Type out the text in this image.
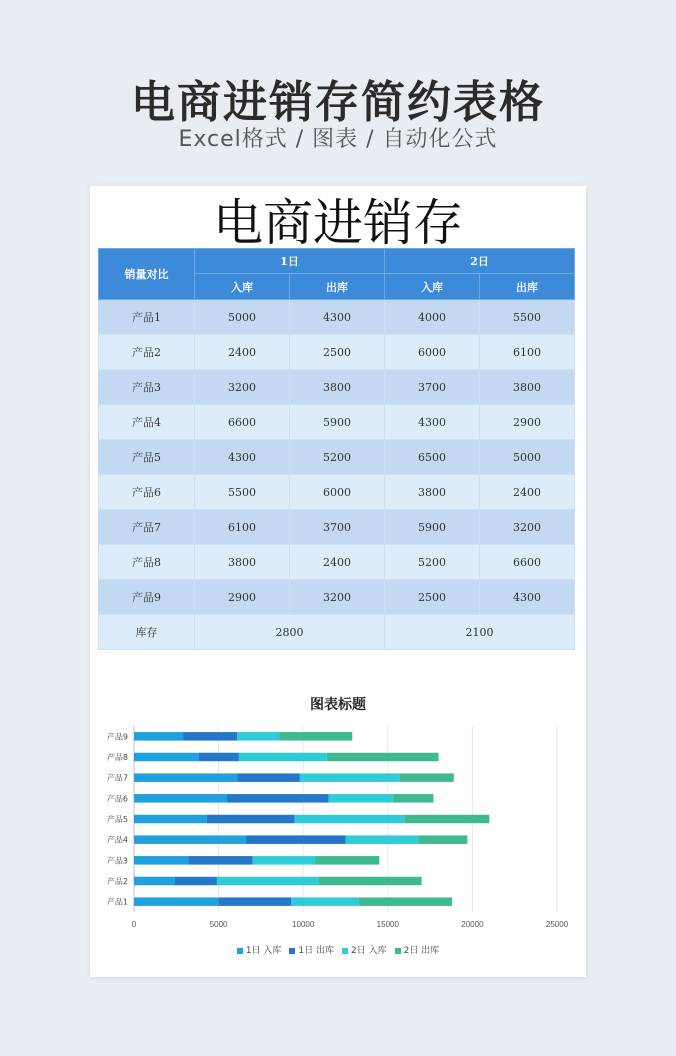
电商进销存简约表格
Excel格式 / 图表 / 自动化公式
电商进销存
销量对比	1日		2日	
	入库	出库	入库	出库
产品1	5000	4300	4000	5500
产品2	2400	2500	6000	6100
产品3	3200	3800	3700	3800
产品4	6600	5900	4300	2900
产品5	4300	5200	6500	5000
产品6	5500	6000	3800	2400
产品7	6100	3700	5900	3200
产品8	3800	2400	5200	6600
产品9	2900	3200	2500	4300
库存	2800		2100	
图表标题
0	5000	10000	15000	20000	25000
产品1
产品2
产品3
产品4
产品5
产品6
产品7
产品8
产品9
1日 入库 1日 出库 2日 入库 2日 出库
